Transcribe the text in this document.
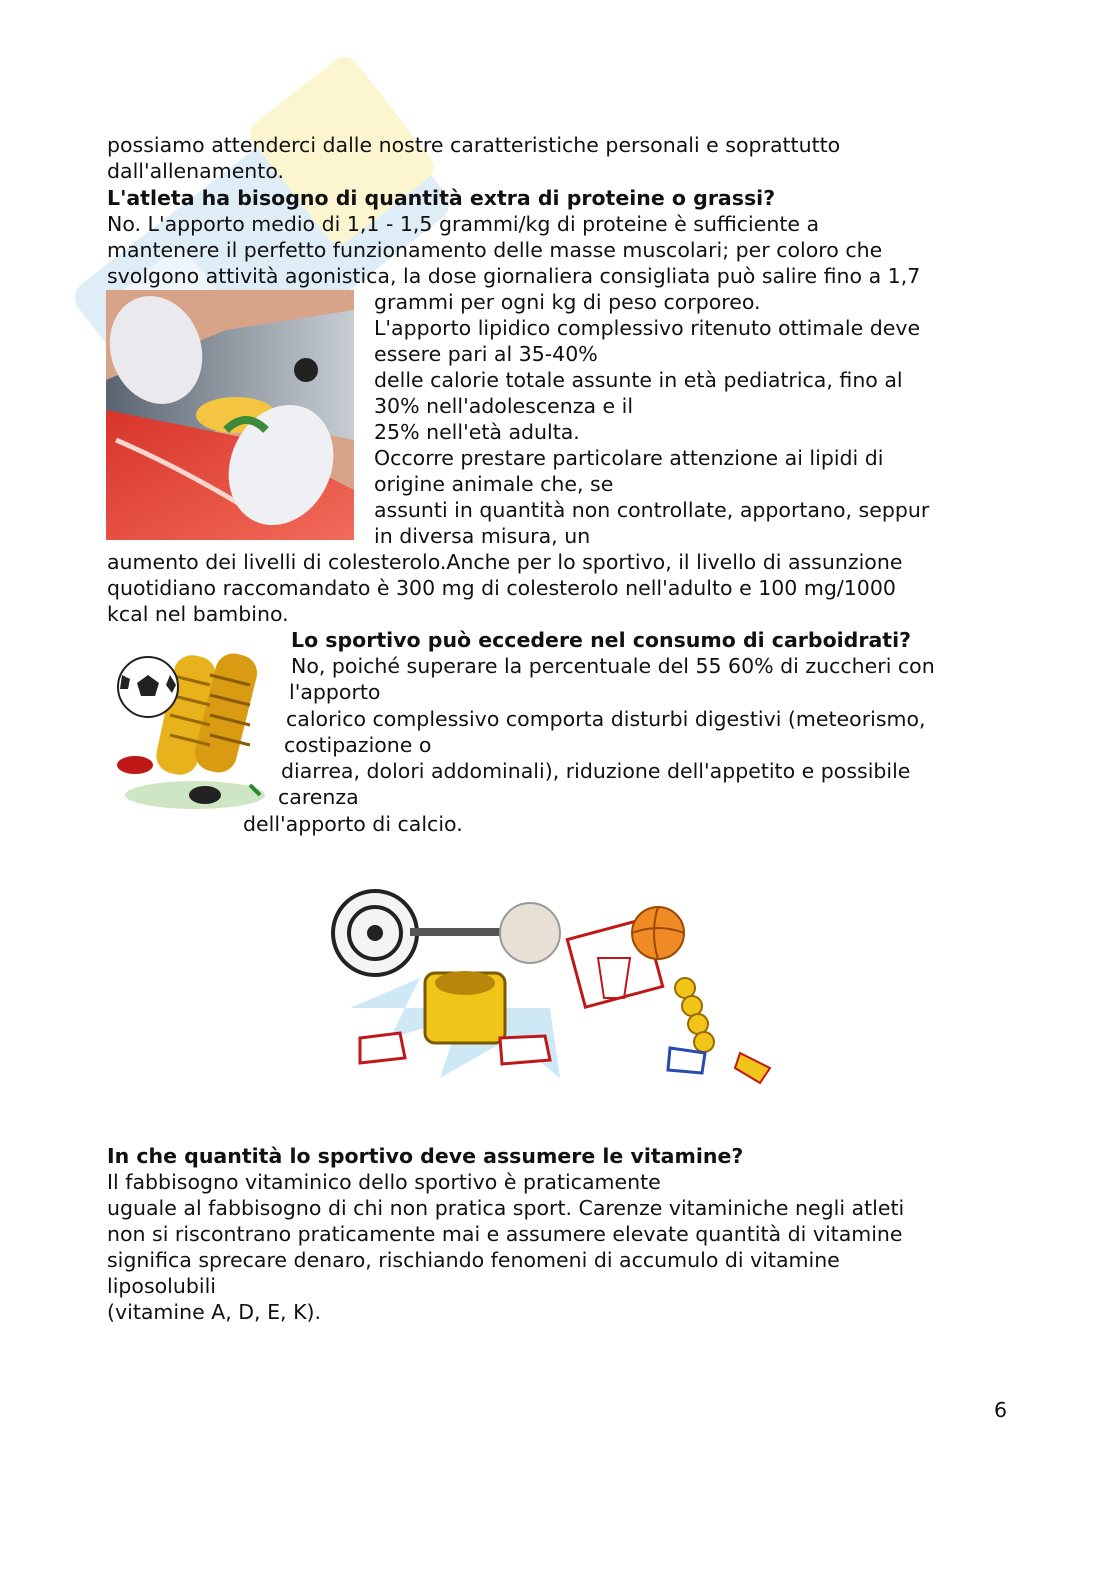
possiamo attenderci dalle nostre caratteristiche personali e soprattutto
dall'allenamento.
L'atleta ha bisogno di quantità extra di proteine o grassi?
No. L'apporto medio di 1,1 - 1,5 grammi/kg di proteine è sufficiente a
mantenere il perfetto funzionamento delle masse muscolari; per coloro che
svolgono attività agonistica, la dose giornaliera consigliata può salire fino a 1,7
grammi per ogni kg di peso corporeo.
L'apporto lipidico complessivo ritenuto ottimale deve
essere pari al 35-40%
delle calorie totale assunte in età pediatrica, fino al
30% nell'adolescenza e il
25% nell'età adulta.
Occorre prestare particolare attenzione ai lipidi di
origine animale che, se
assunti in quantità non controllate, apportano, seppur
in diversa misura, un
aumento dei livelli di colesterolo.Anche per lo sportivo, il livello di assunzione
quotidiano raccomandato è 300 mg di colesterolo nell'adulto e 100 mg/1000
kcal nel bambino.
Lo sportivo può eccedere nel consumo di carboidrati?
No, poiché superare la percentuale del 55 60% di zuccheri con
l'apporto
calorico complessivo comporta disturbi digestivi (meteorismo,
costipazione o
diarrea, dolori addominali), riduzione dell'appetito e possibile
carenza
dell'apporto di calcio.
In che quantità lo sportivo deve assumere le vitamine?
Il fabbisogno vitaminico dello sportivo è praticamente
uguale al fabbisogno di chi non pratica sport. Carenze vitaminiche negli atleti
non si riscontrano praticamente mai e assumere elevate quantità di vitamine
significa sprecare denaro, rischiando fenomeni di accumulo di vitamine
liposolubili
(vitamine A, D, E, K).
6
